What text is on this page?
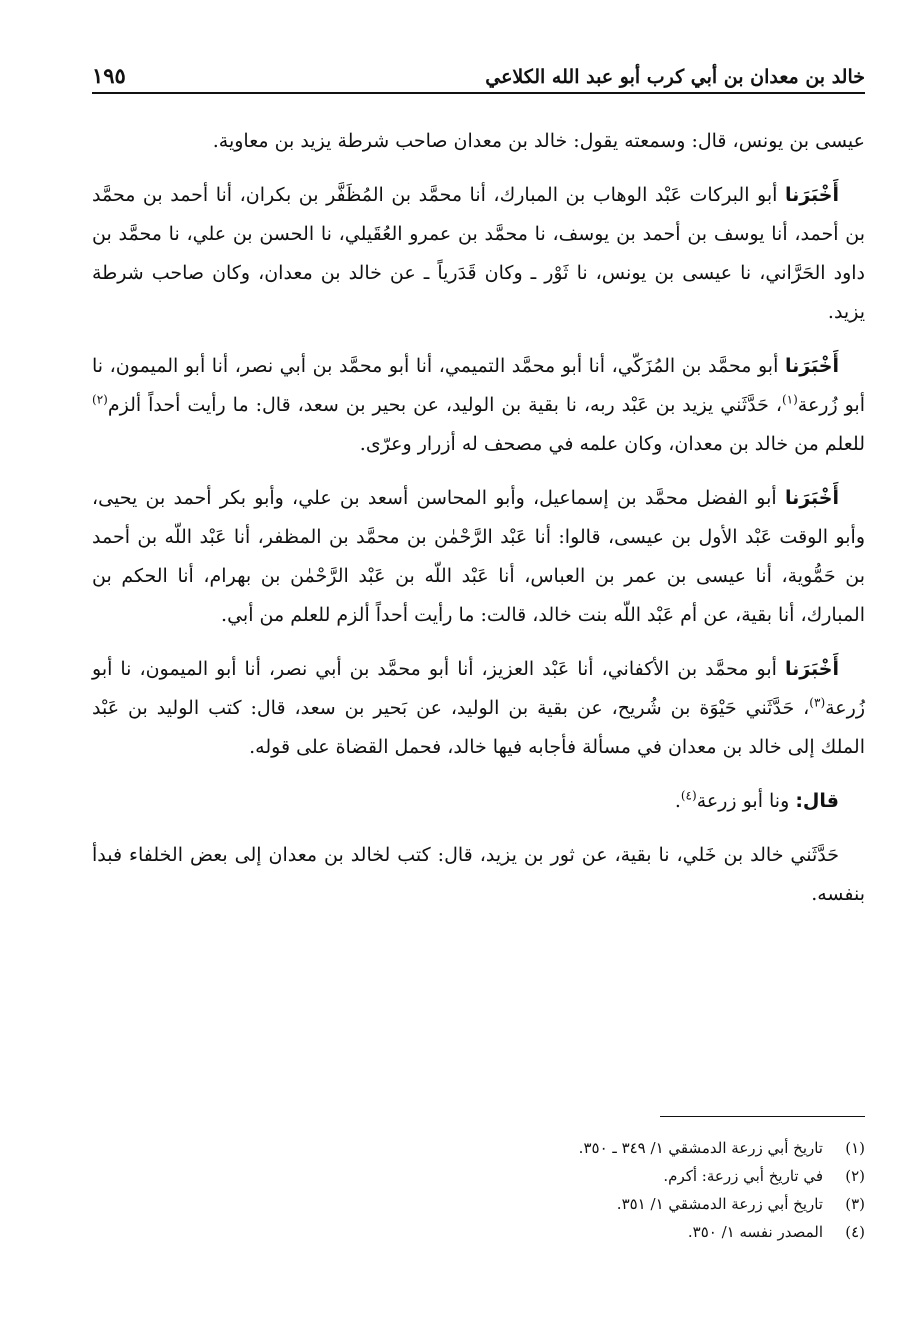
خالد بن معدان بن أبي كرب أبو عبد الله الكلاعي
١٩٥

عيسى بن يونس، قال: وسمعته يقول: خالد بن معدان صاحب شرطة يزيد بن معاوية.

أَخْبَرَنا أبو البركات عَبْد الوهاب بن المبارك، أنا محمَّد بن المُظَفَّر بن بكران، أنا أحمد بن محمَّد بن أحمد، أنا يوسف بن أحمد بن يوسف، نا محمَّد بن عمرو العُقَيلي، نا الحسن بن علي، نا محمَّد بن داود الحَرَّاني، نا عيسى بن يونس، نا ثَوْر ـ وكان قَدَرياً ـ عن خالد بن معدان، وكان صاحب شرطة يزيد.

أَخْبَرَنا أبو محمَّد بن المُزَكّي، أنا أبو محمَّد التميمي، أنا أبو محمَّد بن أبي نصر، أنا أبو الميمون، نا أبو زُرعة$^{(١)}$، حَدَّثَني يزيد بن عَبْد ربه، نا بقية بن الوليد، عن بحير بن سعد، قال: ما رأيت أحداً ألزم$^{(٢)}$ للعلم من خالد بن معدان، وكان علمه في مصحف له أزرار وعرّى.

أَخْبَرَنا أبو الفضل محمَّد بن إسماعيل، وأبو المحاسن أسعد بن علي، وأبو بكر أحمد بن يحيى، وأبو الوقت عَبْد الأول بن عيسى، قالوا: أنا عَبْد الرَّحْمٰن بن محمَّد بن المظفر، أنا عَبْد اللّه بن أحمد بن حَمُّوية، أنا عيسى بن عمر بن العباس، أنا عَبْد اللّه بن عَبْد الرَّحْمٰن بن بهرام، أنا الحكم بن المبارك، أنا بقية، عن أم عَبْد اللّه بنت خالد، قالت: ما رأيت أحداً ألزم للعلم من أبي.

أَخْبَرَنا أبو محمَّد بن الأكفاني، أنا عَبْد العزيز، أنا أبو محمَّد بن أبي نصر، أنا أبو الميمون، نا أبو زُرعة$^{(٣)}$، حَدَّثَني حَيْوَة بن شُريح، عن بقية بن الوليد، عن بَحير بن سعد، قال: كتب الوليد بن عَبْد الملك إلى خالد بن معدان في مسألة فأجابه فيها خالد، فحمل القضاة على قوله.

قال: ونا أبو زرعة$^{(٤)}$.

حَدَّثَني خالد بن خَلي، نا بقية، عن ثور بن يزيد، قال: كتب لخالد بن معدان إلى بعض الخلفاء فبدأ بنفسه.

(١)
تاريخ أبي زرعة الدمشقي ١/ ٣٤٩ ـ ٣٥٠.
(٢)
في تاريخ أبي زرعة: أكرم.
(٣)
تاريخ أبي زرعة الدمشقي ١/ ٣٥١.
(٤)
المصدر نفسه ١/ ٣٥٠.
